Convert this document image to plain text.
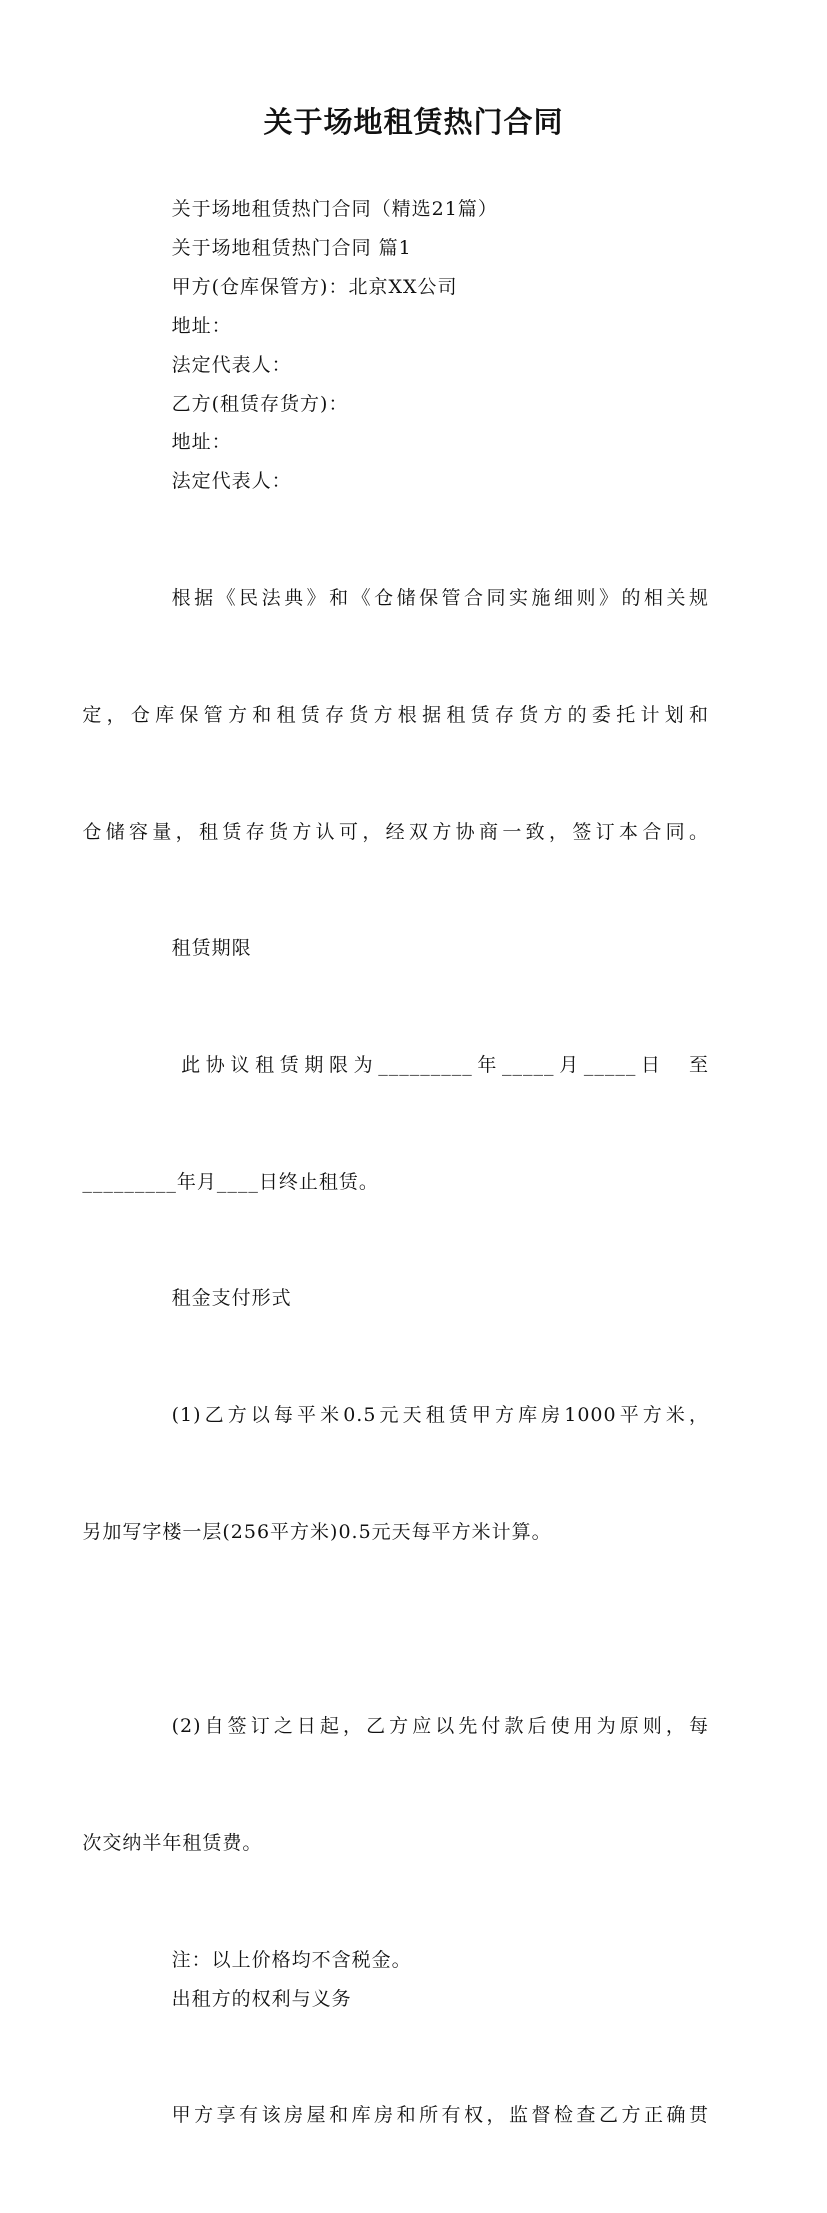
关于场地租赁热门合同
关于场地租赁热门合同（精选21篇）
关于场地租赁热门合同 篇1
甲方(仓库保管方)：北京XX公司
地址：
法定代表人：
乙方(租赁存货方)：
地址：
法定代表人：

根据《民法典》和《仓储保管合同实施细则》的相关规

定，仓库保管方和租赁存货方根据租赁存货方的委托计划和

仓储容量，租赁存货方认可，经双方协商一致，签订本合同。

租赁期限

此协议租赁期限为_________年_____月_____日  至

_________年月____日终止租赁。

租金支付形式

(1)乙方以每平米0.5元天租赁甲方库房1000平方米，

另加写字楼一层(256平方米)0.5元天每平方米计算。

(2)自签订之日起，乙方应以先付款后使用为原则，每

次交纳半年租赁费。

注：以上价格均不含税金。
出租方的权利与义务

甲方享有该房屋和库房和所有权，监督检查乙方正确贯
